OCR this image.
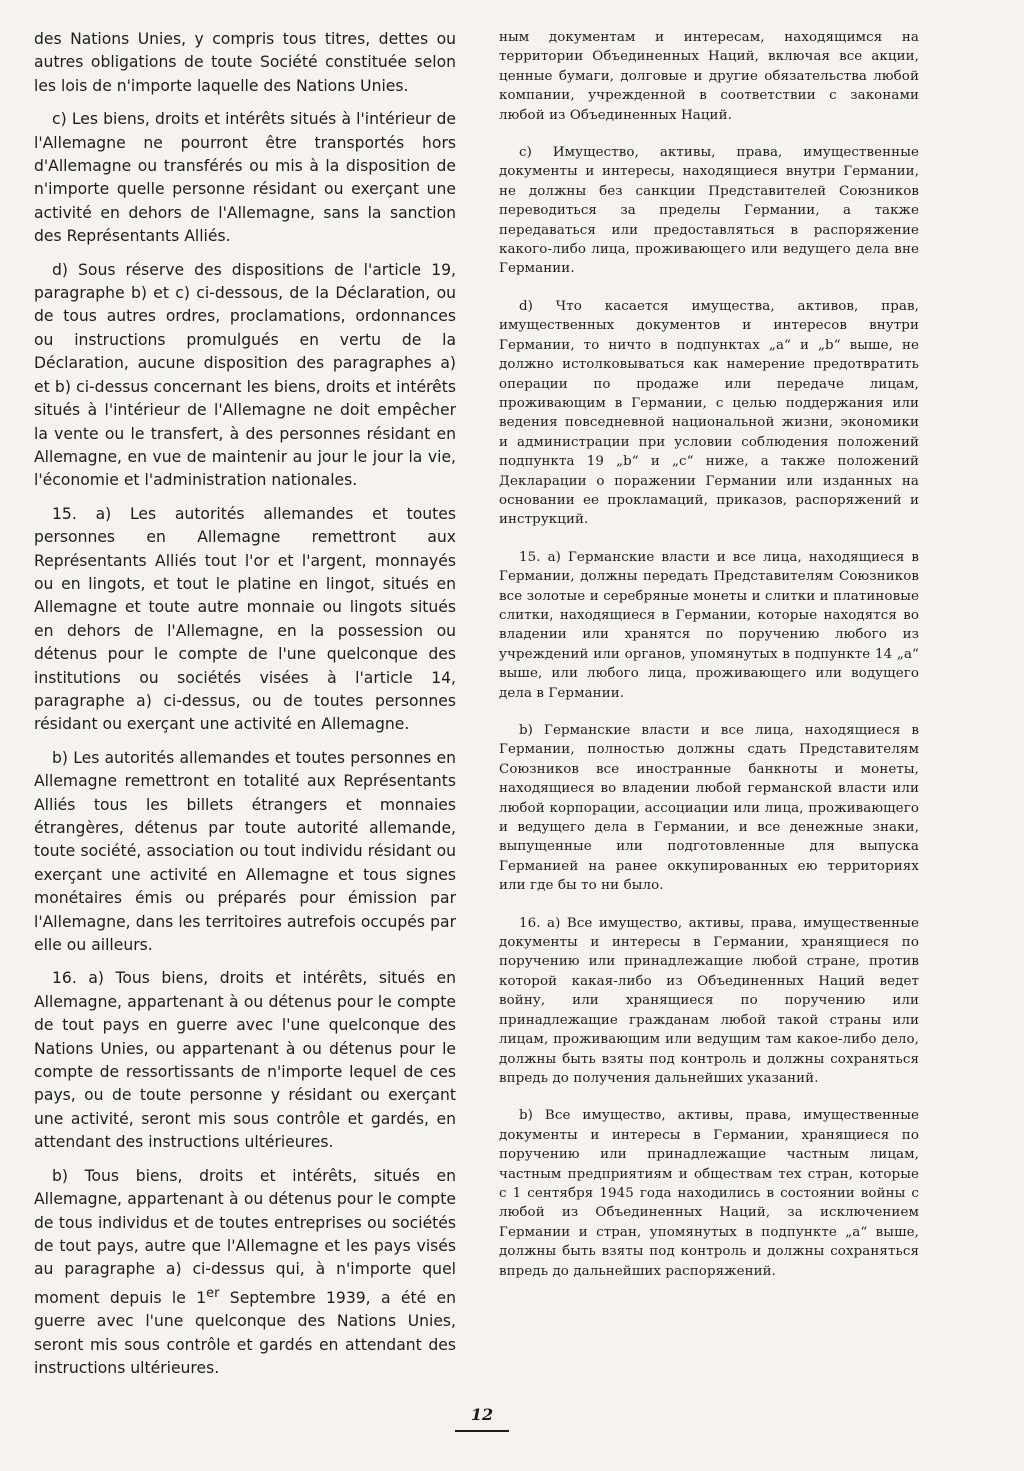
des Nations Unies, y compris tous titres, dettes ou autres obligations de toute Société constituée selon les lois de n'importe laquelle des Nations Unies.

c) Les biens, droits et intérêts situés à l'intérieur de l'Allemagne ne pourront être transportés hors d'Allemagne ou transférés ou mis à la disposition de n'importe quelle personne résidant ou exerçant une activité en dehors de l'Allemagne, sans la sanction des Représentants Alliés.

d) Sous réserve des dispositions de l'article 19, paragraphe b) et c) ci-dessous, de la Déclaration, ou de tous autres ordres, proclamations, ordonnances ou instructions promulgués en vertu de la Déclaration, aucune disposition des paragraphes a) et b) ci-dessus concernant les biens, droits et intérêts situés à l'intérieur de l'Allemagne ne doit empêcher la vente ou le transfert, à des personnes résidant en Allemagne, en vue de maintenir au jour le jour la vie, l'économie et l'administration nationales.

15. a) Les autorités allemandes et toutes personnes en Allemagne remettront aux Représentants Alliés tout l'or et l'argent, monnayés ou en lingots, et tout le platine en lingot, situés en Allemagne et toute autre monnaie ou lingots situés en dehors de l'Allemagne, en la possession ou détenus pour le compte de l'une quelconque des institutions ou sociétés visées à l'article 14, paragraphe a) ci-dessus, ou de toutes personnes résidant ou exerçant une activité en Allemagne.

b) Les autorités allemandes et toutes personnes en Allemagne remettront en totalité aux Représentants Alliés tous les billets étrangers et monnaies étrangères, détenus par toute autorité allemande, toute société, association ou tout individu résidant ou exerçant une activité en Allemagne et tous signes monétaires émis ou préparés pour émission par l'Allemagne, dans les territoires autrefois occupés par elle ou ailleurs.

16. a) Tous biens, droits et intérêts, situés en Allemagne, appartenant à ou détenus pour le compte de tout pays en guerre avec l'une quelconque des Nations Unies, ou appartenant à ou détenus pour le compte de ressortissants de n'importe lequel de ces pays, ou de toute personne y résidant ou exerçant une activité, seront mis sous contrôle et gardés, en attendant des instructions ultérieures.

b) Tous biens, droits et intérêts, situés en Allemagne, appartenant à ou détenus pour le compte de tous individus et de toutes entreprises ou sociétés de tout pays, autre que l'Allemagne et les pays visés au paragraphe a) ci-dessus qui, à n'importe quel moment depuis le 1er Septembre 1939, a été en guerre avec l'une quelconque des Nations Unies, seront mis sous contrôle et gardés en attendant des instructions ultérieures.

ным документам и интересам, находящимся на территории Объединенных Наций, включая все акции, ценные бумаги, долговые и другие обязательства любой компании, учрежденной в соответствии с законами любой из Объединенных Наций.

с) Имущество, активы, права, имущественные документы и интересы, находящиеся внутри Германии, не должны без санкции Представителей Союзников переводиться за пределы Германии, а также передаваться или предоставляться в распоряжение какого-либо лица, проживающего или ведущего дела вне Германии.

d) Что касается имущества, активов, прав, имущественных документов и интересов внутри Германии, то ничто в подпунктах „а“ и „b“ выше, не должно истолковываться как намерение предотвратить операции по продаже или передаче лицам, проживающим в Германии, с целью поддержания или ведения повседневной национальной жизни, экономики и администрации при условии соблюдения положений подпункта 19 „b“ и „с“ ниже, а также положений Декларации о поражении Германии или изданных на основании ее прокламаций, приказов, распоряжений и инструкций.

15. а) Германские власти и все лица, находящиеся в Германии, должны передать Представителям Союзников все золотые и серебряные монеты и слитки и платиновые слитки, находящиеся в Германии, которые находятся во владении или хранятся по поручению любого из учреждений или органов, упомянутых в подпункте 14 „а“ выше, или любого лица, проживающего или водущего дела в Германии.

b) Германские власти и все лица, находящиеся в Германии, полностью должны сдать Представителям Союзников все иностранные банкноты и монеты, находящиеся во владении любой германской власти или любой корпорации, ассоциации или лица, проживающего и ведущего дела в Германии, и все денежные знаки, выпущенные или подготовленные для выпуска Германией на ранее оккупированных ею территориях или где бы то ни было.

16. а) Все имущество, активы, права, имущественные документы и интересы в Германии, хранящиеся по поручению или принадлежащие любой стране, против которой какая-либо из Объединенных Наций ведет войну, или хранящиеся по поручению или принадлежащие гражданам любой такой страны или лицам, проживающим или ведущим там какое-либо дело, должны быть взяты под контроль и должны сохраняться впредь до получения дальнейших указаний.

b) Все имущество, активы, права, имущественные документы и интересы в Германии, хранящиеся по поручению или принадлежащие частным лицам, частным предприятиям и обществам тех стран, которые с 1 сентября 1945 года находились в состоянии войны с любой из Объединенных Наций, за исключением Германии и стран, упомянутых в подпункте „а“ выше, должны быть взяты под контроль и должны сохраняться впредь до дальнейших распоряжений.

12
